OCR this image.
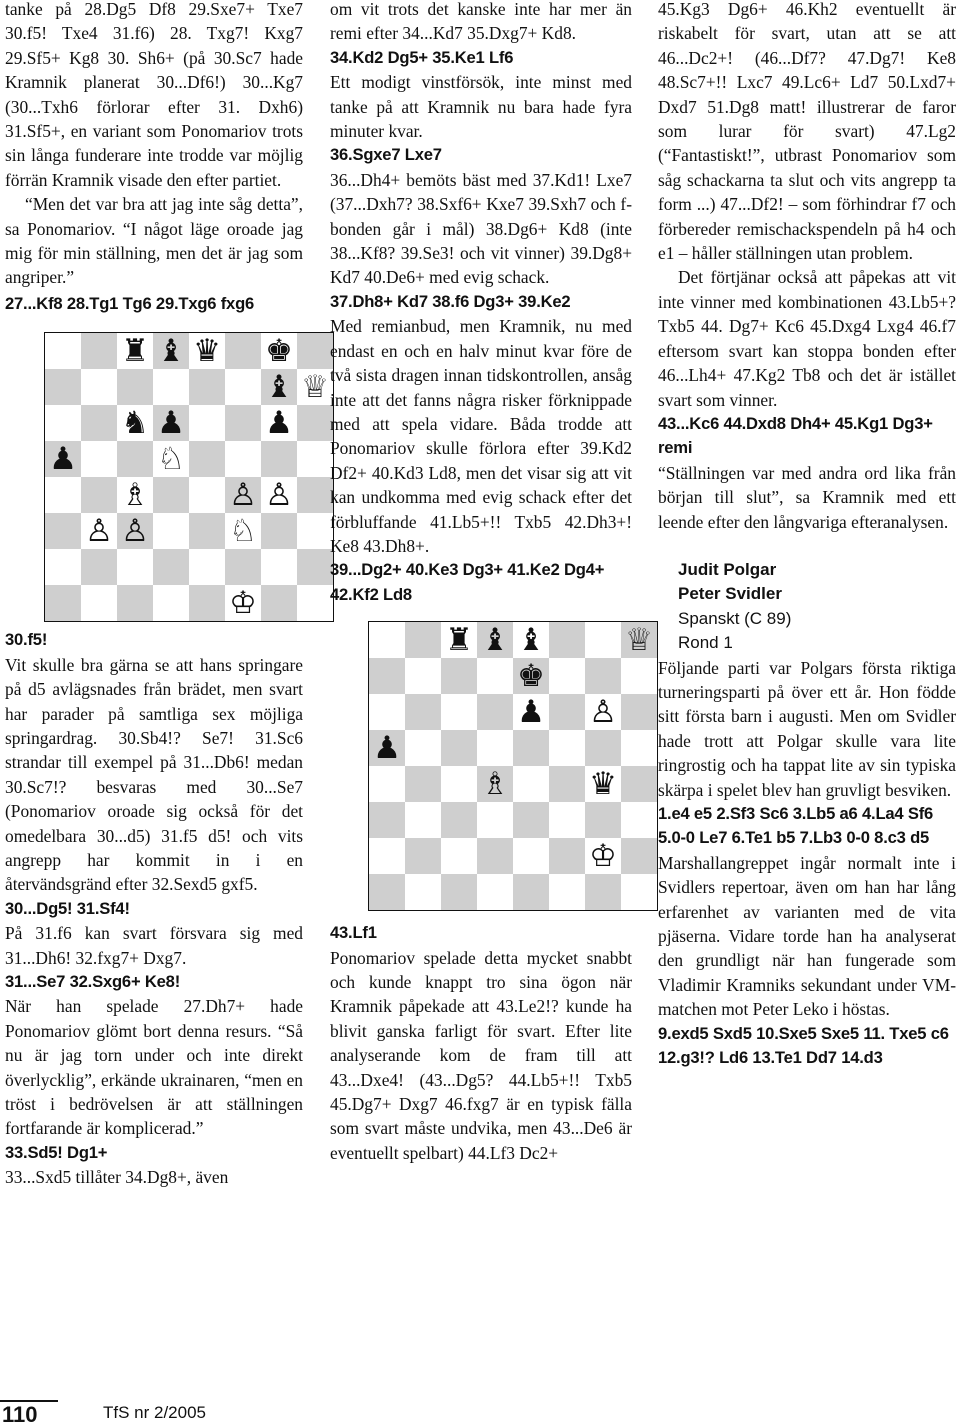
tanke på 28.Dg5 Df8 29.Sxe7+ Txe7 30.f5! Txe4 31.f6) 28. Txg7! Kxg7 29.Sf5+ Kg8 30. Sh6+ (på 30.Sc7 hade Kramnik planerat 30...Df6!) 30...Kg7 (30...Txh6 förlorar efter 31. Dxh6) 31.Sf5+, en variant som Ponomariov trots sin långa funderare inte trodde var möjlig förrän Kramnik visade den efter partiet.

“Men det var bra att jag inte såg detta”, sa Ponomariov. “I något läge oroade jag mig för min ställning, men det är jag som angriper.”

27...Kf8 28.Tg1 Tg6 29.Txg6 fxg6

♜ ♝ ♛ ♚
♝ ♕
♞ ♟	♟
♟	♘
♗	♙ ♙
♙ ♙	♘
♔

30.f5!

Vit skulle bra gärna se att hans springare på d5 avlägsnades från brädet, men svart har parader på samtliga sex möjliga springardrag. 30.Sb4!? Se7! 31.Sc6 strandar till exempel på 31...Db6! medan 30.Sc7!? besvaras med 30...Se7 (Ponomariov oroade sig också för det omedelbara 30...d5) 31.f5 d5! och vits angrepp har kommit in i en återvändsgränd efter 32.Sexd5 gxf5.

30...Dg5! 31.Sf4!

På 31.f6 kan svart försvara sig med 31...Dh6! 32.fxg7+ Dxg7.

31...Se7 32.Sxg6+ Ke8!

När han spelade 27.Dh7+ hade Ponomariov glömt bort denna resurs. “Så nu är jag torn under och inte direkt överlycklig”, erkände ukrainaren, “men en tröst i bedrövelsen är att ställningen fortfarande är komplicerad.”

33.Sd5! Dg1+

33...Sxd5 tillåter 34.Dg8+, även

om vit trots det kanske inte har mer än remi efter 34...Kd7 35.Dxg7+ Kd8.

34.Kd2 Dg5+ 35.Ke1 Lf6

Ett modigt vinstförsök, inte minst med tanke på att Kramnik nu bara hade fyra minuter kvar.

36.Sgxe7 Lxe7

36...Dh4+ bemöts bäst med 37.Kd1! Lxe7 (37...Dxh7? 38.Sxf6+ Kxe7 39.Sxh7 och f-bonden går i mål) 38.Dg6+ Kd8 (inte 38...Kf8? 39.Se3! och vit vinner) 39.Dg8+ Kd7 40.De6+ med evig schack.

37.Dh8+ Kd7 38.f6 Dg3+ 39.Ke2

Med remianbud, men Kramnik, nu med endast en och en halv minut kvar före de två sista dragen innan tidskontrollen, ansåg inte att det fanns några risker förknippade med att spela vidare. Båda trodde att Ponomariov skulle förlora efter 39.Kd2 Df2+ 40.Kd3 Ld8, men det visar sig att vit kan undkomma med evig schack efter det förbluffande 41.Lb5+!! Txb5 42.Dh3+! Ke8 43.Dh8+.

39...Dg2+ 40.Ke3 Dg3+ 41.Ke2 Dg4+ 42.Kf2 Ld8

♜ ♝ ♝	♕
♚
♟ ♙
♟
♗	♛
♔

43.Lf1

Ponomariov spelade detta mycket snabbt och kunde knappt tro sina ögon när Kramnik påpekade att 43.Le2!? kunde ha blivit ganska farligt för svart. Efter lite analyserande kom de fram till att 43...Dxe4! (43...Dg5? 44.Lb5+!! Txb5 45.Dg7+ Dxg7 46.fxg7 är en typisk fälla som svart måste undvika, men 43...De6 är eventuellt spelbart) 44.Lf3 Dc2+

45.Kg3 Dg6+ 46.Kh2 eventuellt är riskabelt för svart, utan att se att 46...Dc2+! (46...Df7? 47.Dg7! Ke8 48.Sc7+!! Lxc7 49.Lc6+ Ld7 50.Lxd7+ Dxd7 51.Dg8 matt! illustrerar de faror som lurar för svart) 47.Lg2 (“Fantastiskt!”, utbrast Ponomariov som såg schackarna ta slut och vits angrepp ta form ...) 47...Df2! – som förhindrar f7 och förbereder remischackspendeln på h4 och e1 – håller ställningen utan problem.

Det förtjänar också att påpekas att vit inte vinner med kombinationen 43.Lb5+? Txb5 44. Dg7+ Kc6 45.Dxg4 Lxg4 46.f7 eftersom svart kan stoppa bonden efter 46...Lh4+ 47.Kg2 Tb8 och det är istället svart som vinner.

43...Kc6 44.Dxd8 Dh4+ 45.Kg1 Dg3+ remi

“Ställningen var med andra ord lika från början till slut”, sa Kramnik med ett leende efter den långvariga efteranalysen.

Judit Polgar

Peter Svidler

Spanskt (C 89)

Rond 1

Följande parti var Polgars första riktiga turneringsparti på över ett år. Hon födde sitt första barn i augusti. Men om Svidler hade trott att Polgar skulle vara lite ringrostig och ha tappat lite av sin typiska skärpa i spelet blev han gruvligt besviken.

1.e4 e5 2.Sf3 Sc6 3.Lb5 a6 4.La4 Sf6 5.0-0 Le7 6.Te1 b5 7.Lb3 0-0 8.c3 d5

Marshallangreppet ingår normalt inte i Svidlers repertoar, även om han har lång erfarenhet av varianten med de vita pjäserna. Vidare torde han ha analyserat den grundligt när han fungerade som Vladimir Kramniks sekundant under VM-matchen mot Peter Leko i höstas.

9.exd5 Sxd5 10.Sxe5 Sxe5 11. Txe5 c6 12.g3!? Ld6 13.Te1 Dd7 14.d3

110	TfS nr 2/2005
